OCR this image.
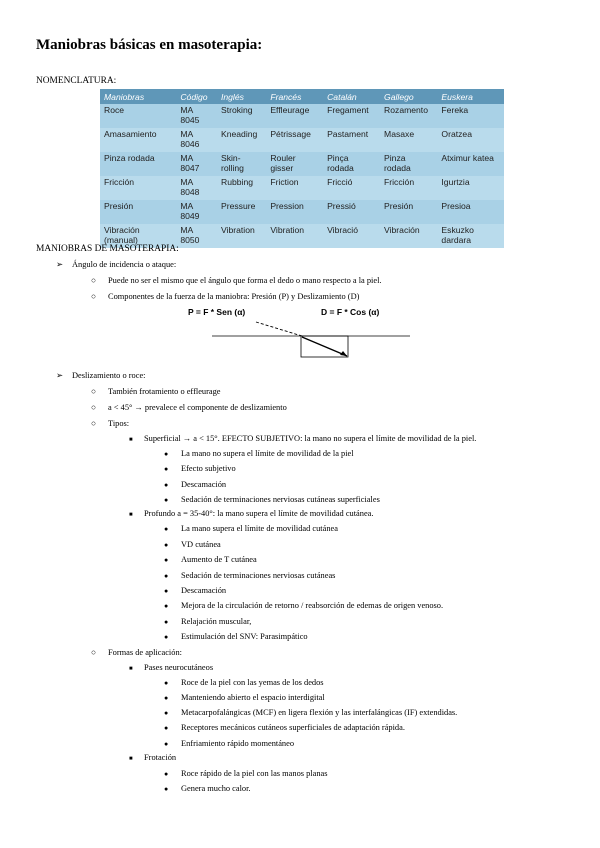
Maniobras básicas en masoterapia:
NOMENCLATURA:
Maniobras	Código	Inglés	Francés	Catalán	Gallego	Euskera
Roce	MA 8045	Stroking	Effleurage	Fregament	Rozamento	Fereka
Amasamiento	MA 8046	Kneading	Pétrissage	Pastament	Masaxe	Oratzea
Pinza rodada	MA 8047	Skin-rolling	Rouler gisser	Pinça rodada	Pinza rodada	Atximur katea
Fricción	MA 8048	Rubbing	Friction	Fricció	Fricción	Igurtzia
Presión	MA 8049	Pressure	Pression	Pressió	Presión	Presioa
Vibración (manual)	MA 8050	Vibration	Vibration	Vibració	Vibración	Eskuzko dardara
MANIOBRAS DE MASOTERAPIA:
➢ Ángulo de incidencia o ataque:
○ Puede no ser el mismo que el ángulo que forma el dedo o mano respecto a la piel.
○ Componentes de la fuerza de la maniobra: Presión (P) y Deslizamiento (D)
➢ Deslizamiento o roce:
○ También frotamiento o effleurage
○ a < 45° → prevalece el componente de deslizamiento
○ Tipos:
■ Superficial → a < 15°. EFECTO SUBJETIVO: la mano no supera el límite de movilidad de la piel.
● La mano no supera el límite de movilidad de la piel
● Efecto subjetivo
● Descamación
● Sedación de terminaciones nerviosas cutáneas superficiales
■ Profundo a = 35-40°: la mano supera el límite de movilidad cutánea.
● La mano supera el límite de movilidad cutánea
● VD cutánea
● Aumento de T cutánea
● Sedación de terminaciones nerviosas cutáneas
● Descamación
● Mejora de la circulación de retorno / reabsorción de edemas de origen venoso.
● Relajación muscular,
● Estimulación del SNV: Parasimpático
○ Formas de aplicación:
■ Pases neurocutáneos
● Roce de la piel con las yemas de los dedos
● Manteniendo abierto el espacio interdigital
● Metacarpofalángicas (MCF) en ligera flexión y las interfalángicas (IF) extendidas.
● Receptores mecánicos cutáneos superficiales de adaptación rápida.
● Enfriamiento rápido momentáneo
■ Frotación
● Roce rápido de la piel con las manos planas
● Genera mucho calor.
P = F * Sen (α)	D = F * Cos (α)
